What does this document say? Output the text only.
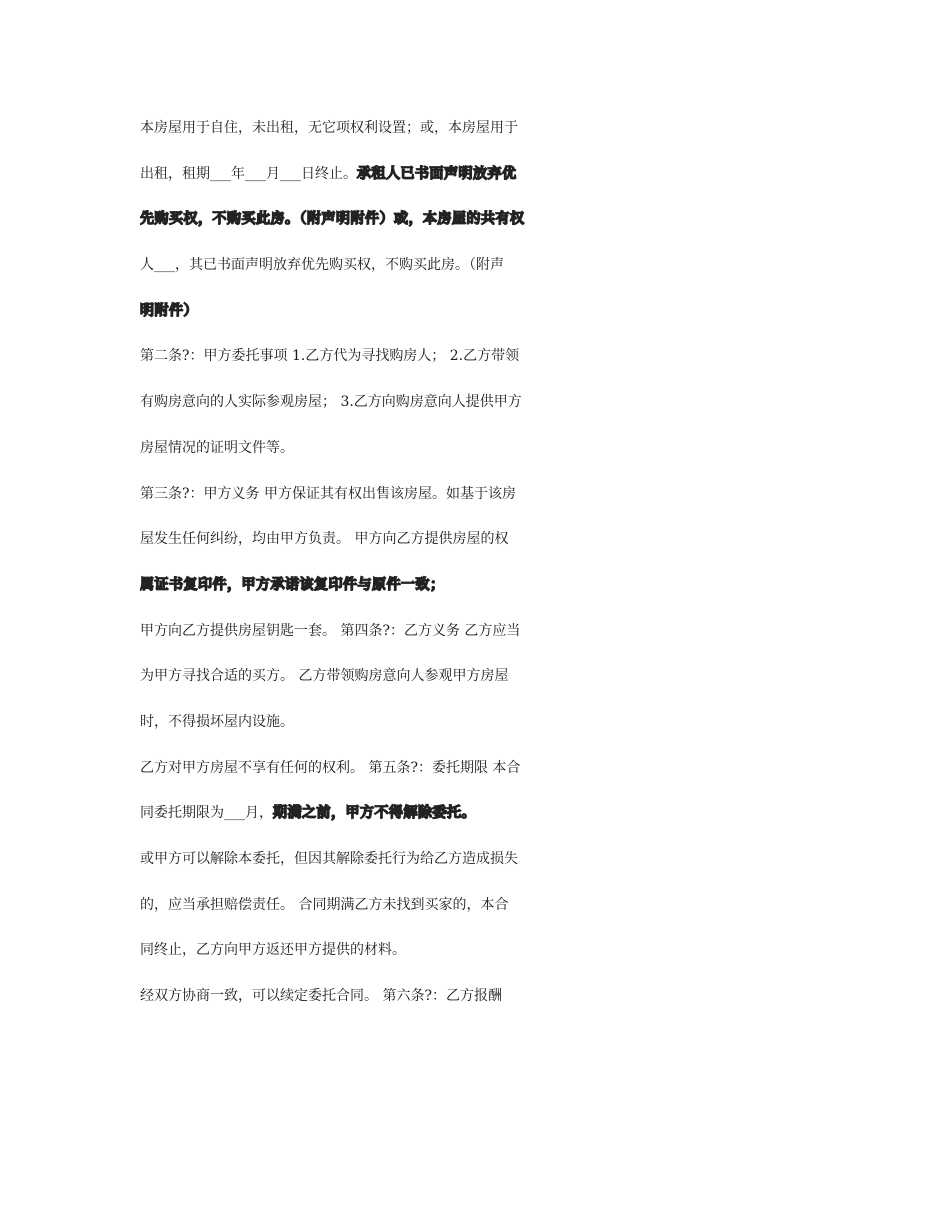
本房屋用于自住，未出租，无它项权利设置；或，本房屋用于
出租，租期___年___月___日终止。承租人已书面声明放弃优
先购买权，不购买此房。（附声明附件）或，本房屋的共有权
人___，其已书面声明放弃优先购买权，不购买此房。（附声
明附件）
第二条?：甲方委托事项 1.乙方代为寻找购房人； 2.乙方带领
有购房意向的人实际参观房屋； 3.乙方向购房意向人提供甲方
房屋情况的证明文件等。
第三条?：甲方义务 甲方保证其有权出售该房屋。如基于该房
屋发生任何纠纷，均由甲方负责。 甲方向乙方提供房屋的权
属证书复印件，甲方承诺该复印件与原件一致；
甲方向乙方提供房屋钥匙一套。 第四条?：乙方义务 乙方应当
为甲方寻找合适的买方。 乙方带领购房意向人参观甲方房屋
时，不得损坏屋内设施。
乙方对甲方房屋不享有任何的权利。 第五条?：委托期限 本合
同委托期限为___月，期满之前，甲方不得解除委托。
或甲方可以解除本委托，但因其解除委托行为给乙方造成损失
的，应当承担赔偿责任。 合同期满乙方未找到买家的，本合
同终止，乙方向甲方返还甲方提供的材料。
经双方协商一致，可以续定委托合同。 第六条?：乙方报酬
